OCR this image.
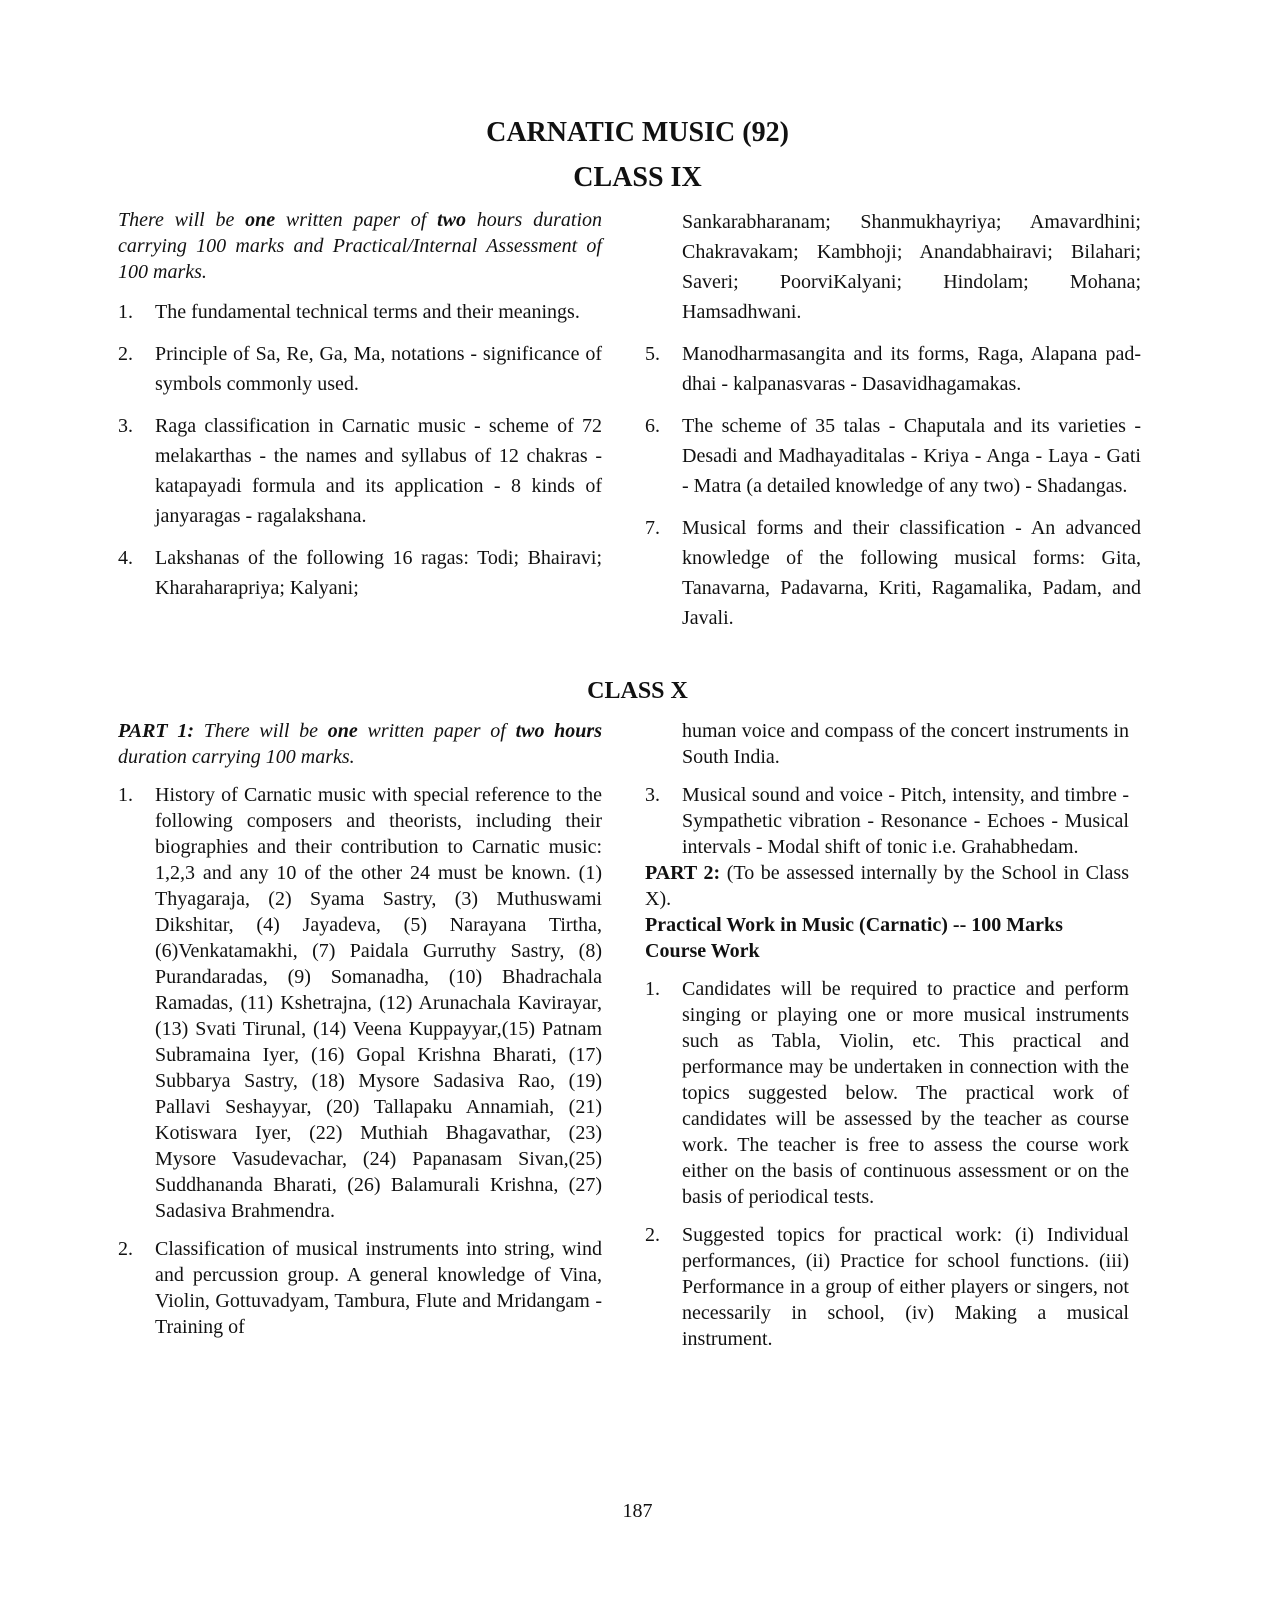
CARNATIC MUSIC (92)
CLASS IX

There will be one written paper of two hours duration carrying 100 marks and Practical/Internal Assessment of 100 marks.

1. The fundamental technical terms and their meanings.
2. Principle of Sa, Re, Ga, Ma, notations - significance of symbols commonly used.
3. Raga classification in Carnatic music - scheme of 72 melakarthas - the names and syllabus of 12 chakras - katapayadi formula and its application - 8 kinds of janyaragas - ragalakshana.
4. Lakshanas of the following 16 ragas: Todi; Bhairavi; Kharaharapriya; Kalyani;

Sankarabharanam; Shanmukhayriya; Amavardhini; Chakravakam; Kambhoji; Anandabhairavi; Bilahari; Saveri; PoorviKalyani; Hindolam; Mohana; Hamsadhwani.

5. Manodharmasangita and its forms, Raga, Alapana pad-dhai - kalpanasvaras - Dasavidhagamakas.
6. The scheme of 35 talas - Chaputala and its varieties - Desadi and Madhayaditalas - Kriya - Anga - Laya - Gati - Matra (a detailed knowledge of any two) - Shadangas.
7. Musical forms and their classification - An advanced knowledge of the following musical forms: Gita, Tanavarna, Padavarna, Kriti, Ragamalika, Padam, and Javali.
CLASS X

PART 1: There will be one written paper of two hours duration carrying 100 marks.

1. History of Carnatic music with special reference to the following composers and theorists, including their biographies and their contribution to Carnatic music: 1,2,3 and any 10 of the other 24 must be known. (1) Thyagaraja, (2) Syama Sastry, (3) Muthuswami Dikshitar, (4) Jayadeva, (5) Narayana Tirtha, (6)Venkatamakhi, (7) Paidala Gurruthy Sastry, (8) Purandaradas, (9) Somanadha, (10) Bhadrachala Ramadas, (11) Kshetrajna, (12) Arunachala Kavirayar, (13) Svati Tirunal, (14) Veena Kuppayyar,(15) Patnam Subramaina Iyer, (16) Gopal Krishna Bharati, (17) Subbarya Sastry, (18) Mysore Sadasiva Rao, (19) Pallavi Seshayyar, (20) Tallapaku Annamiah, (21) Kotiswara Iyer, (22) Muthiah Bhagavathar, (23) Mysore Vasudevachar, (24) Papanasam Sivan,(25) Suddhananda Bharati, (26) Balamurali Krishna, (27) Sadasiva Brahmendra.
2. Classification of musical instruments into string, wind and percussion group. A general knowledge of Vina, Violin, Gottuvadyam, Tambura, Flute and Mridangam - Training of

human voice and compass of the concert instruments in South India.

3. Musical sound and voice - Pitch, intensity, and timbre - Sympathetic vibration - Resonance - Echoes - Musical intervals - Modal shift of tonic i.e. Grahabhedam.

PART 2: (To be assessed internally by the School in Class X).

Practical Work in Music (Carnatic) -- 100 Marks

Course Work

1. Candidates will be required to practice and perform singing or playing one or more musical instruments such as Tabla, Violin, etc. This practical and performance may be undertaken in connection with the topics suggested below. The practical work of candidates will be assessed by the teacher as course work. The teacher is free to assess the course work either on the basis of continuous assessment or on the basis of periodical tests.
2. Suggested topics for practical work: (i) Individual performances, (ii) Practice for school functions. (iii) Performance in a group of either players or singers, not necessarily in school, (iv) Making a musical instrument.
187
